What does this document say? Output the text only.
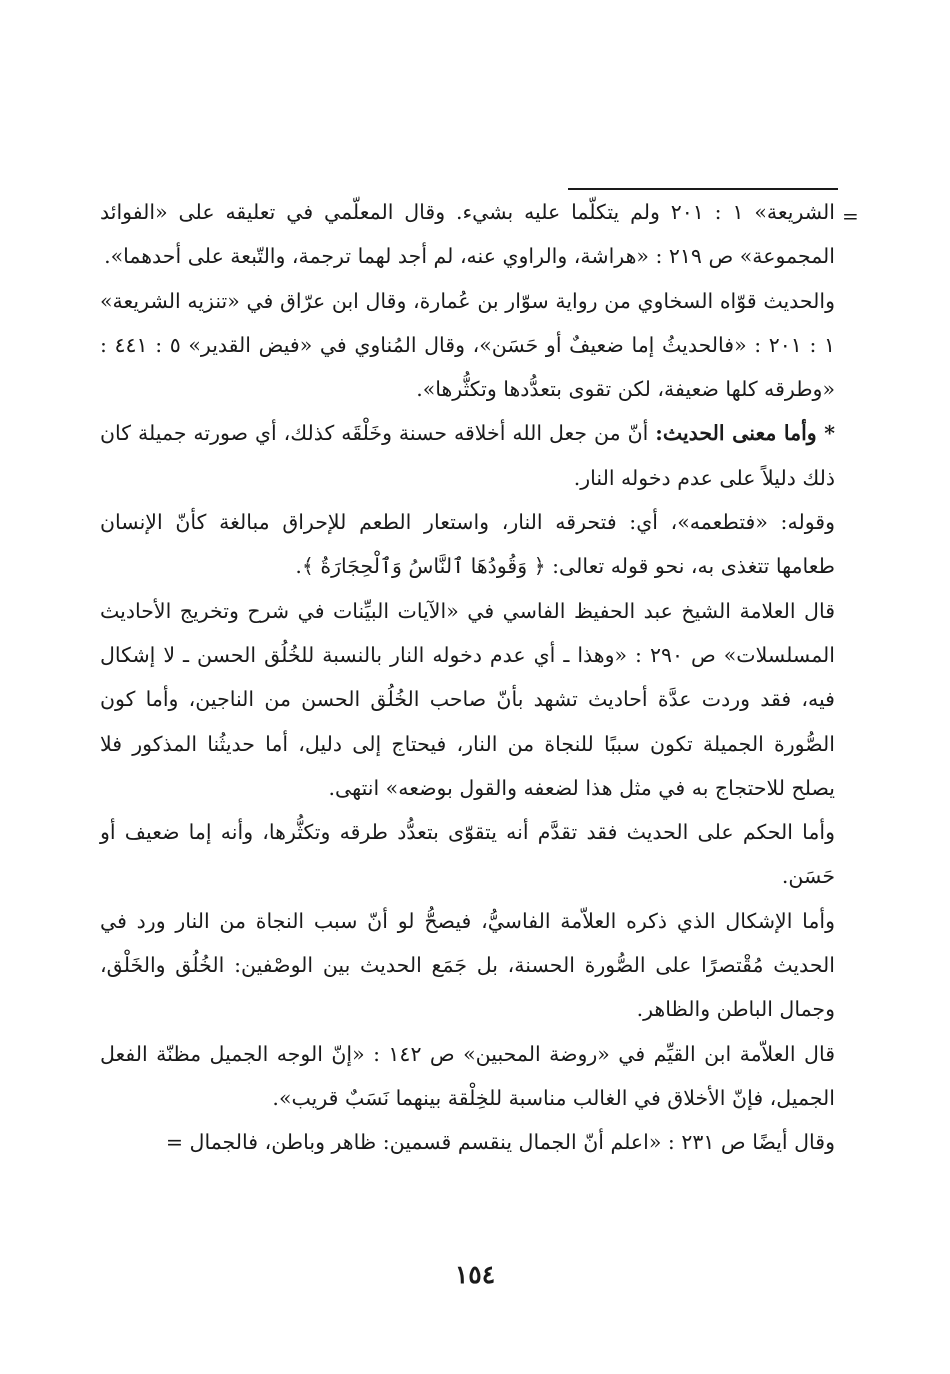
=

الشريعة» ١ : ٢٠١ ولم يتكلّما عليه بشيء. وقال المعلّمي في تعليقه على «الفوائد المجموعة» ص ٢١٩ : «هراشة، والراوي عنه، لم أجد لهما ترجمة، والتّبعة على أحدهما».

والحديث قوّاه السخاوي من رواية سوّار بن عُمارة، وقال ابن عرّاق في «تنزيه الشريعة» ١ : ٢٠١ : «فالحديثُ إما ضعيفٌ أو حَسَن»، وقال المُناوي في «فيض القدير» ٥ : ٤٤١ : «وطرقه كلها ضعيفة، لكن تقوى بتعدُّدها وتكثُّرها».

* وأما معنى الحديث: أنّ من جعل الله أخلاقه حسنة وخَلْقَه كذلك، أي صورته جميلة كان ذلك دليلاً على عدم دخوله النار.

وقوله: «فتطعمه»، أي: فتحرقه النار، واستعار الطعم للإحراق مبالغة كأنّ الإنسان طعامها تتغذى به، نحو قوله تعالى: ﴿ وَقُودُهَا ٱلنَّاسُ وَٱلْحِجَارَةُ ﴾.

قال العلامة الشيخ عبد الحفيظ الفاسي في «الآيات البيِّنات في شرح وتخريج الأحاديث المسلسلات» ص ٢٩٠ : «وهذا ـ أي عدم دخوله النار بالنسبة للخُلُق الحسن ـ لا إشكال فيه، فقد وردت عدَّة أحاديث تشهد بأنّ صاحب الخُلُق الحسن من الناجين، وأما كون الصُّورة الجميلة تكون سببًا للنجاة من النار، فيحتاج إلى دليل، أما حديثُنا المذكور فلا يصلح للاحتجاج به في مثل هذا لضعفه والقول بوضعه» انتهى.

وأما الحكم على الحديث فقد تقدَّم أنه يتقوّى بتعدُّد طرقه وتكثُّرها، وأنه إما ضعيف أو حَسَن.

وأما الإشكال الذي ذكره العلاّمة الفاسيُّ، فيصحُّ لو أنّ سبب النجاة من النار ورد في الحديث مُقْتصرًا على الصُّورة الحسنة، بل جَمَع الحديث بين الوصْفين: الخُلُق والخَلْق، وجمال الباطن والظاهر.

قال العلاّمة ابن القيِّم في «روضة المحبين» ص ١٤٢ : «إنّ الوجه الجميل مظنّة الفعل الجميل، فإنّ الأخلاق في الغالب مناسبة للخِلْقة بينهما نَسَبٌ قريب».

وقال أيضًا ص ٢٣١ : «اعلم أنّ الجمال ينقسم قسمين: ظاهر وباطن، فالجمال =

١٥٤
